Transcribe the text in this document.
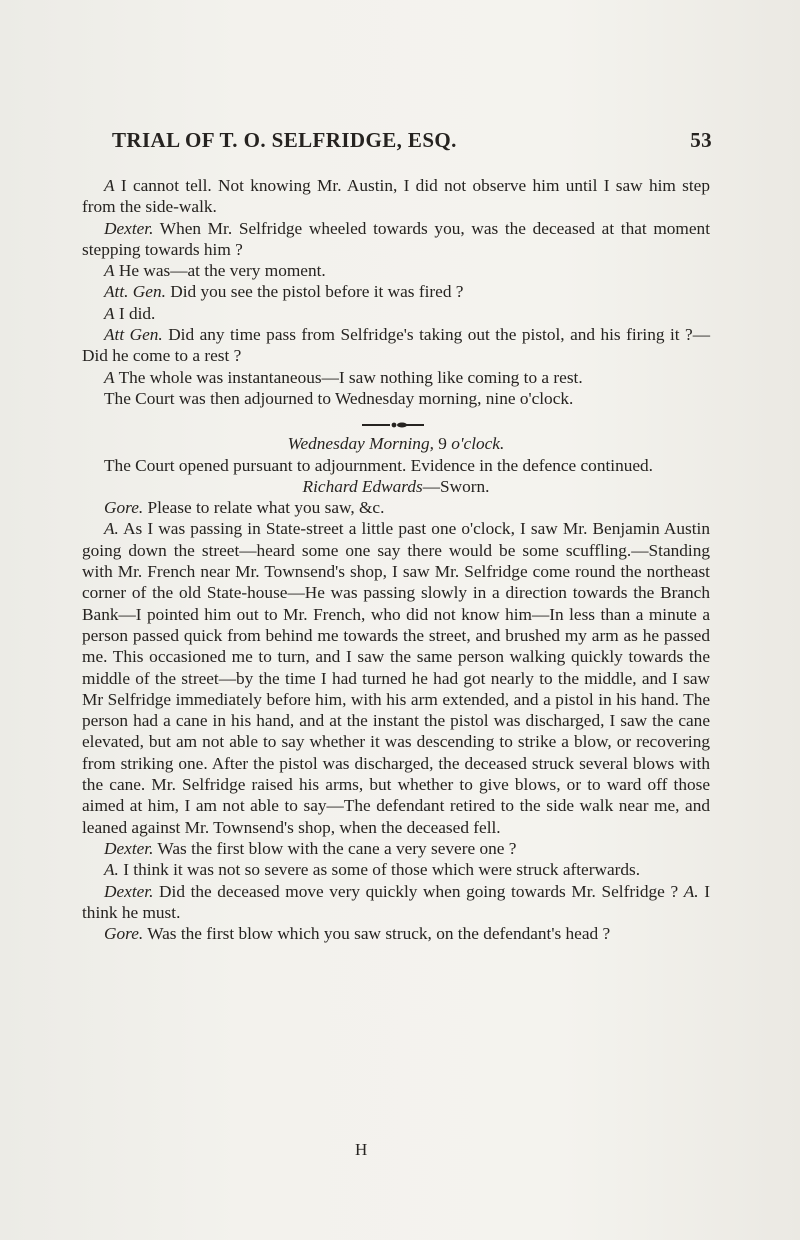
TRIAL OF T. O. SELFRIDGE, ESQ.	53

A I cannot tell. Not knowing Mr. Austin, I did not observe him until I saw him step from the side-walk.

Dexter. When Mr. Selfridge wheeled towards you, was the deceased at that moment stepping towards him ?

A He was—at the very moment.

Att. Gen. Did you see the pistol before it was fired ?

A I did.

Att Gen. Did any time pass from Selfridge's taking out the pistol, and his firing it ?—Did he come to a rest ?

A The whole was instantaneous—I saw nothing like coming to a rest.

The Court was then adjourned to Wednesday morning, nine o'clock.

Wednesday Morning, 9 o'clock.

The Court opened pursuant to adjournment. Evidence in the defence continued.

Richard Edwards—Sworn.

Gore. Please to relate what you saw, &c.

A. As I was passing in State-street a little past one o'clock, I saw Mr. Benjamin Austin going down the street—heard some one say there would be some scuffling.—Standing with Mr. French near Mr. Townsend's shop, I saw Mr. Selfridge come round the northeast corner of the old State-house—He was passing slowly in a direction towards the Branch Bank—I pointed him out to Mr. French, who did not know him—In less than a minute a person passed quick from behind me towards the street, and brushed my arm as he passed me. This occasioned me to turn, and I saw the same person walking quickly towards the middle of the street—by the time I had turned he had got nearly to the middle, and I saw Mr Selfridge immediately before him, with his arm extended, and a pistol in his hand. The person had a cane in his hand, and at the instant the pistol was discharged, I saw the cane elevated, but am not able to say whether it was descending to strike a blow, or recovering from striking one. After the pistol was discharged, the deceased struck several blows with the cane. Mr. Selfridge raised his arms, but whether to give blows, or to ward off those aimed at him, I am not able to say—The defendant retired to the side walk near me, and leaned against Mr. Townsend's shop, when the deceased fell.

Dexter. Was the first blow with the cane a very severe one ?

A. I think it was not so severe as some of those which were struck afterwards.

Dexter. Did the deceased move very quickly when going towards Mr. Selfridge ? A. I think he must.

Gore. Was the first blow which you saw struck, on the defendant's head ?

H
